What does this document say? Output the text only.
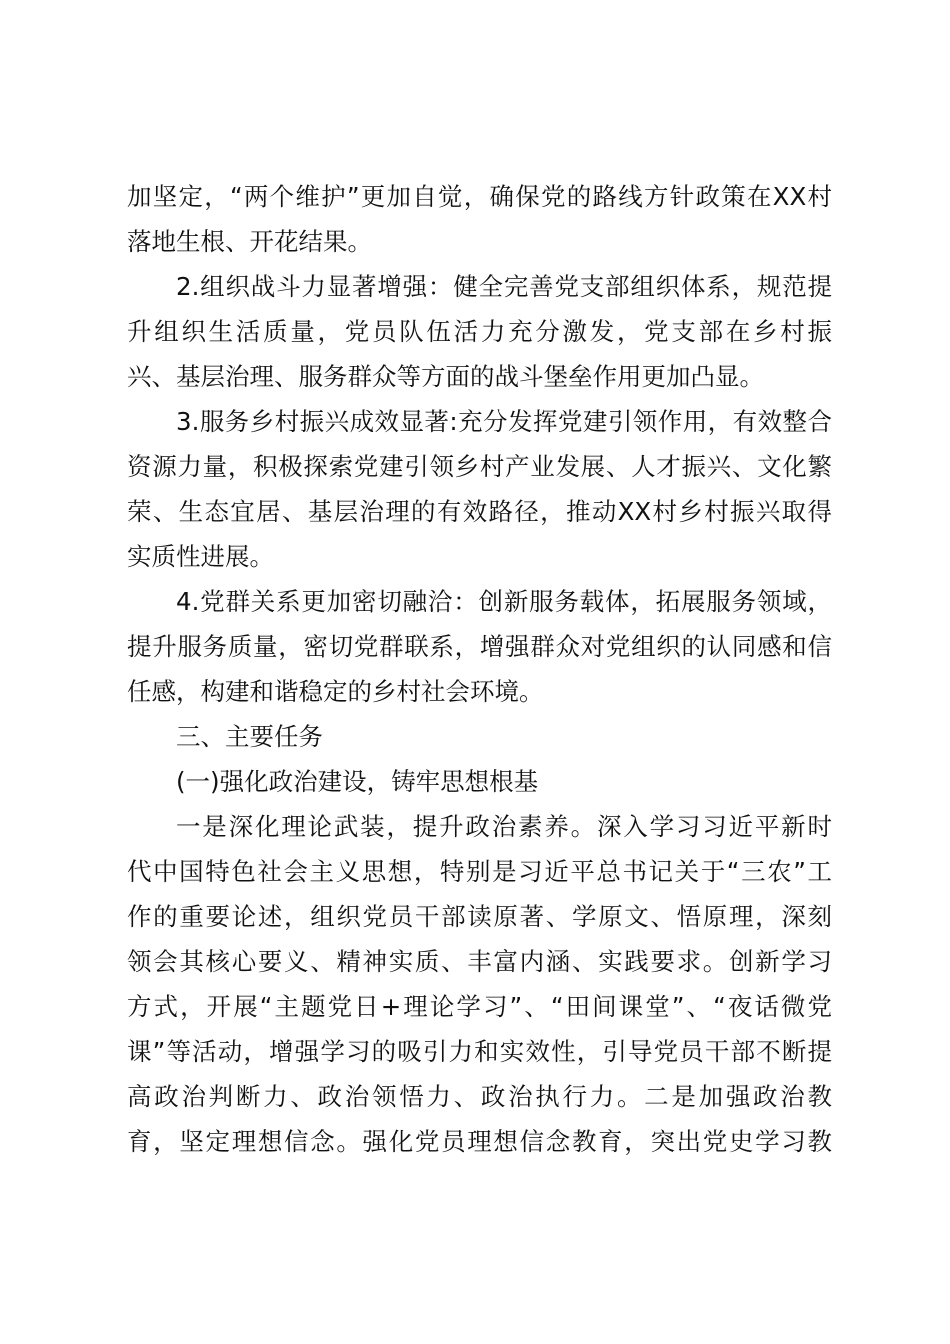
加坚定，“两个维护”更加自觉，确保党的路线方针政策在XX村
落地生根、开花结果。
2.组织战斗力显著增强：健全完善党支部组织体系，规范提
升组织生活质量，党员队伍活力充分激发，党支部在乡村振
兴、基层治理、服务群众等方面的战斗堡垒作用更加凸显。
3.服务乡村振兴成效显著:充分发挥党建引领作用，有效整合
资源力量，积极探索党建引领乡村产业发展、人才振兴、文化繁
荣、生态宜居、基层治理的有效路径，推动XX村乡村振兴取得
实质性进展。
4.党群关系更加密切融洽：创新服务载体，拓展服务领域，
提升服务质量，密切党群联系，增强群众对党组织的认同感和信
任感，构建和谐稳定的乡村社会环境。
三、主要任务
(一)强化政治建设，铸牢思想根基
一是深化理论武装，提升政治素养。深入学习习近平新时
代中国特色社会主义思想，特别是习近平总书记关于“三农”工
作的重要论述，组织党员干部读原著、学原文、悟原理，深刻
领会其核心要义、精神实质、丰富内涵、实践要求。创新学习
方式，开展“主题党日+理论学习”、“田间课堂”、“夜话微党
课”等活动，增强学习的吸引力和实效性，引导党员干部不断提
高政治判断力、政治领悟力、政治执行力。二是加强政治教
育，坚定理想信念。强化党员理想信念教育，突出党史学习教
